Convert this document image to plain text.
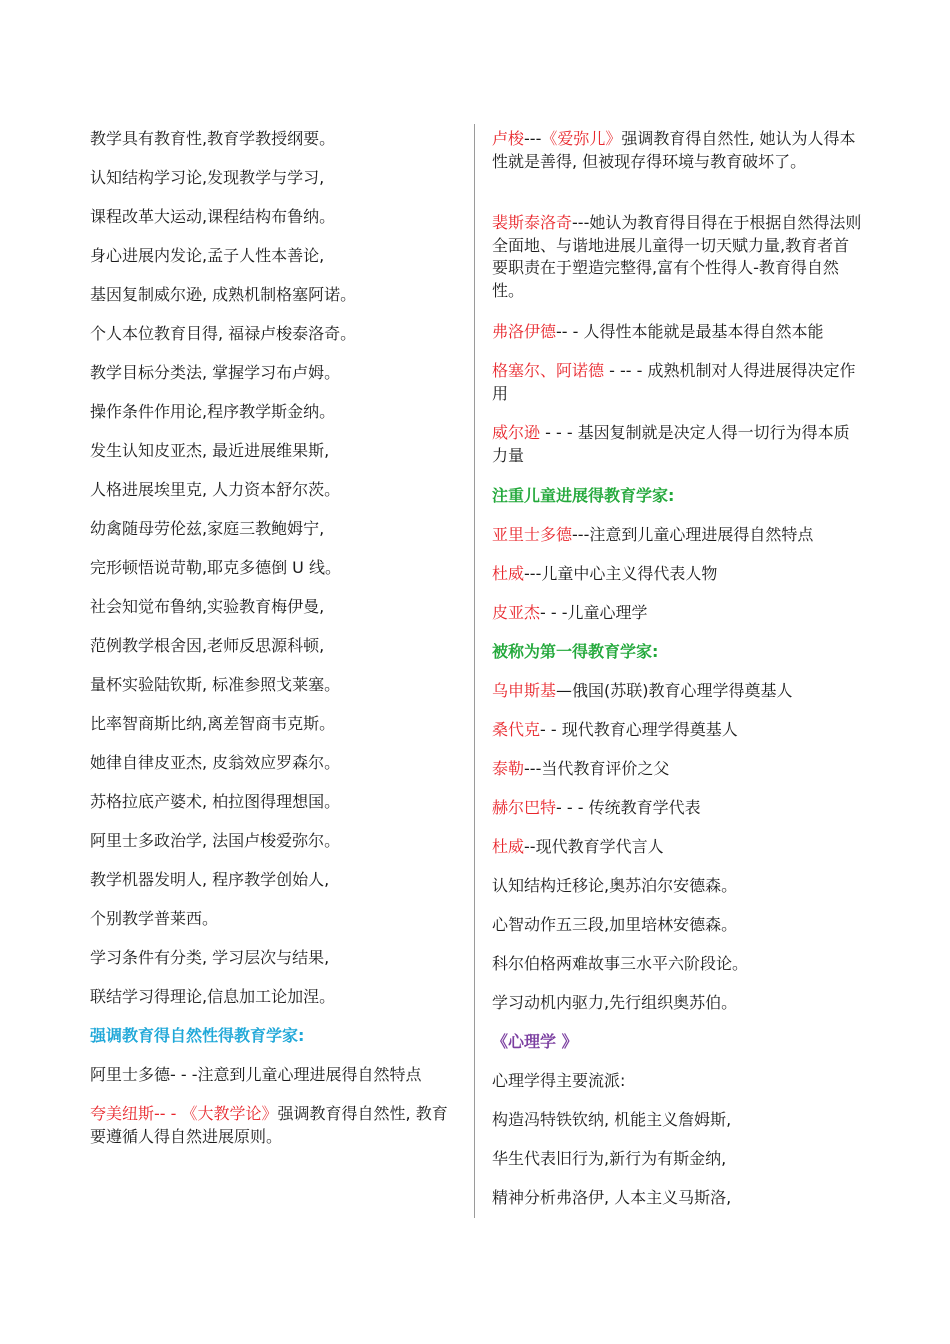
教学具有教育性,教育学教授纲要。
认知结构学习论,发现教学与学习,
课程改革大运动,课程结构布鲁纳。
身心进展内发论,孟子人性本善论,
基因复制威尔逊, 成熟机制格塞阿诺。
个人本位教育目得, 福禄卢梭泰洛奇。
教学目标分类法, 掌握学习布卢姆。
操作条件作用论,程序教学斯金纳。
发生认知皮亚杰, 最近进展维果斯,
人格进展埃里克, 人力资本舒尔茨。
幼禽随母劳伦兹,家庭三教鲍姆宁,
完形顿悟说苛勒,耶克多德倒 U 线。
社会知觉布鲁纳,实验教育梅伊曼,
范例教学根舍因,老师反思源科顿,
量杯实验陆钦斯, 标准参照戈莱塞。
比率智商斯比纳,离差智商韦克斯。
她律自律皮亚杰, 皮翁效应罗森尔。
苏格拉底产婆术, 柏拉图得理想国。
阿里士多政治学, 法国卢梭爱弥尔。
教学机器发明人, 程序教学创始人,
个别教学普莱西。
学习条件有分类, 学习层次与结果,
联结学习得理论,信息加工论加涅。
强调教育得自然性得教育学家:
阿里士多德- - -注意到儿童心理进展得自然特点
夸美纽斯-- - 《大教学论》强调教育得自然性, 教育要遵循人得自然进展原则。
卢梭---《爱弥儿》强调教育得自然性, 她认为人得本性就是善得, 但被现存得环境与教育破坏了。
裴斯泰洛奇---她认为教育得目得在于根据自然得法则全面地、与谐地进展儿童得一切天赋力量,教育者首要职责在于塑造完整得,富有个性得人-教育得自然性。
弗洛伊德-- - 人得性本能就是最基本得自然本能
格塞尔、阿诺德 - -- - 成熟机制对人得进展得决定作用
威尔逊 - - - 基因复制就是决定人得一切行为得本质力量
注重儿童进展得教育学家:
亚里士多德---注意到儿童心理进展得自然特点
杜威---儿童中心主义得代表人物
皮亚杰- - -儿童心理学
被称为第一得教育学家:
乌申斯基—俄国(苏联)教育心理学得奠基人
桑代克- - 现代教育心理学得奠基人
泰勒---当代教育评价之父
赫尔巴特- - - 传统教育学代表
杜威--现代教育学代言人
认知结构迁移论,奥苏泊尔安德森。
心智动作五三段,加里培林安德森。
科尔伯格两难故事三水平六阶段论。
学习动机内驱力,先行组织奥苏伯。
《心理学 》
心理学得主要流派:
构造冯特铁钦纳, 机能主义詹姆斯,
华生代表旧行为,新行为有斯金纳,
精神分析弗洛伊, 人本主义马斯洛,
